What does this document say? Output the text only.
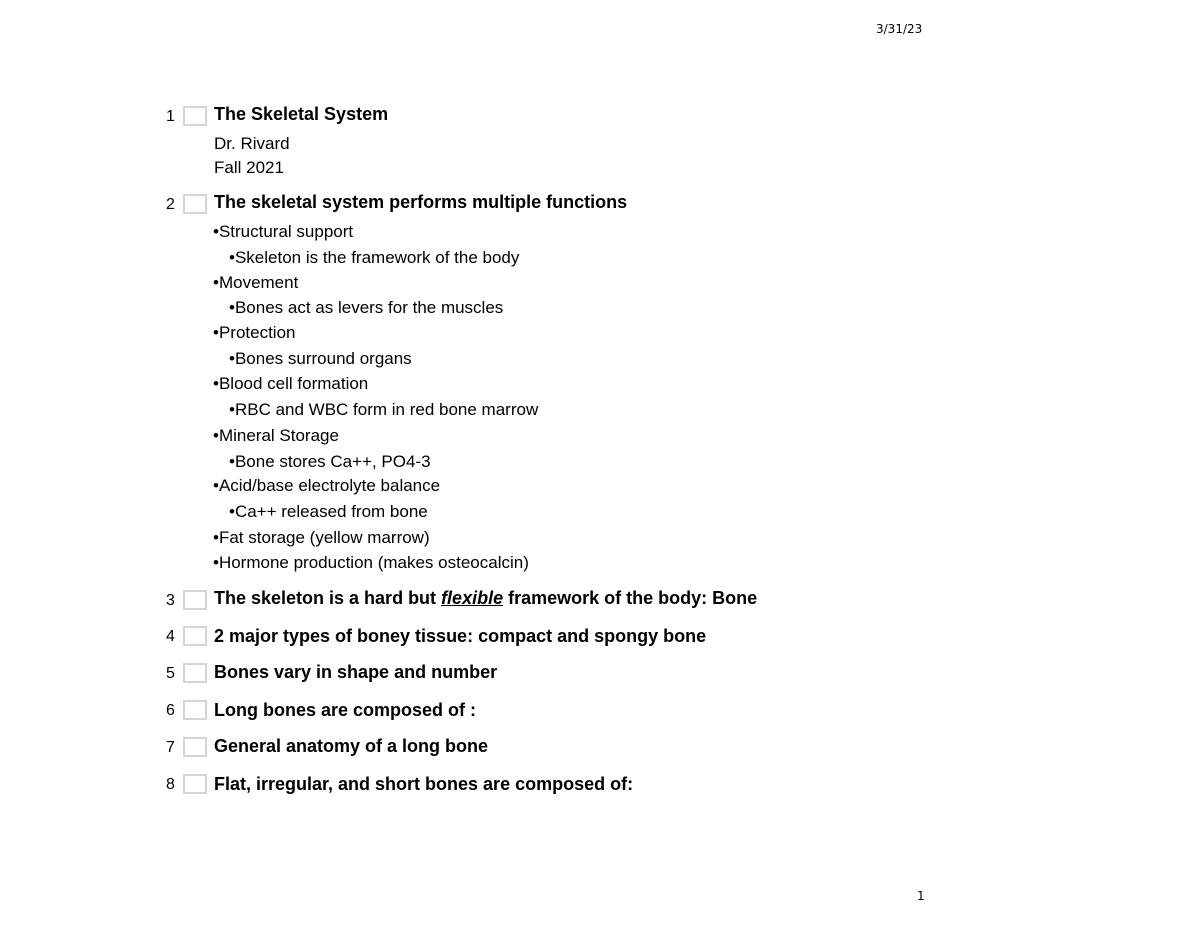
3/31/23
1 The Skeletal System
Dr. Rivard
Fall 2021
2 The skeletal system performs multiple functions
•Structural support
•Skeleton is the framework of the body
•Movement
•Bones act as levers for the muscles
•Protection
•Bones surround organs
•Blood cell formation
•RBC and WBC form in red bone marrow
•Mineral Storage
•Bone stores Ca++, PO4-3
•Acid/base electrolyte balance
•Ca++ released from bone
•Fat storage (yellow marrow)
•Hormone production (makes osteocalcin)
3 The skeleton is a hard but flexible framework of the body: Bone
4 2 major types of boney tissue: compact and spongy bone
5 Bones vary in shape and number
6 Long bones are composed of :
7 General anatomy of a long bone
8 Flat, irregular, and short bones are composed of:
1
